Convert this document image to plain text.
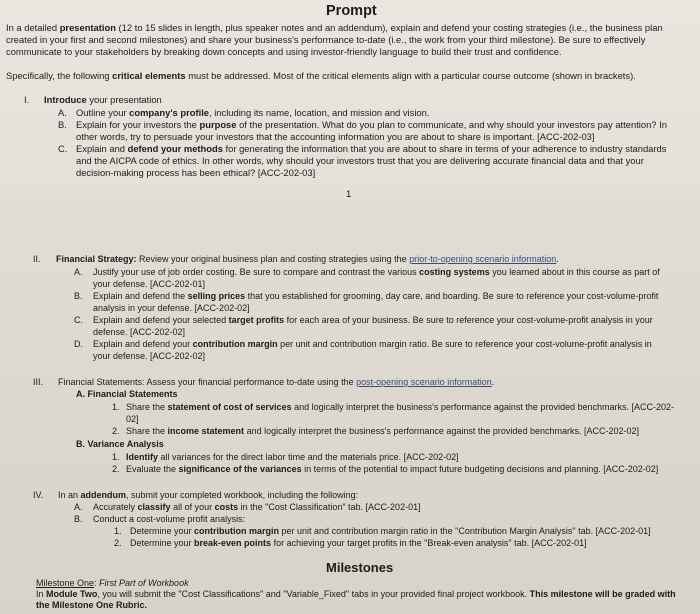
Prompt
In a detailed presentation (12 to 15 slides in length, plus speaker notes and an addendum), explain and defend your costing strategies (i.e., the business plan
created in your first and second milestones) and share your business's performance to-date (i.e., the work from your third milestone). Be sure to effectively
communicate to your stakeholders by breaking down concepts and using investor-friendly language to build their trust and confidence.
Specifically, the following critical elements must be addressed. Most of the critical elements align with a particular course outcome (shown in brackets).
I. Introduce your presentation
A. Outline your company's profile, including its name, location, and mission and vision.
B. Explain for your investors the purpose of the presentation. What do you plan to communicate, and why should your investors pay attention? In
other words, try to persuade your investors that the accounting information you are about to share is important. [ACC-202-03]
C. Explain and defend your methods for generating the information that you are about to share in terms of your adherence to industry standards
and the AICPA code of ethics. In other words, why should your investors trust that you are delivering accurate financial data and that your
decision-making process has been ethical? [ACC-202-03]
1
II. Financial Strategy: Review your original business plan and costing strategies using the prior-to-opening scenario information.
A. Justify your use of job order costing. Be sure to compare and contrast the various costing systems you learned about in this course as part of
your defense. [ACC-202-01]
B. Explain and defend the selling prices that you established for grooming, day care, and boarding. Be sure to reference your cost-volume-profit
analysis in your defense. [ACC-202-02]
C. Explain and defend your selected target profits for each area of your business. Be sure to reference your cost-volume-profit analysis in your
defense. [ACC-202-02]
D. Explain and defend your contribution margin per unit and contribution margin ratio. Be sure to reference your cost-volume-profit analysis in
your defense. [ACC-202-02]
III. Financial Statements: Assess your financial performance to-date using the post-opening scenario information.
A. Financial Statements
1. Share the statement of cost of services and logically interpret the business's performance against the provided benchmarks. [ACC-202-
02]
2. Share the income statement and logically interpret the business's performance against the provided benchmarks. [ACC-202-02]
B. Variance Analysis
1. Identify all variances for the direct labor time and the materials price. [ACC-202-02]
2. Evaluate the significance of the variances in terms of the potential to impact future budgeting decisions and planning. [ACC-202-02]
IV. In an addendum, submit your completed workbook, including the following:
A. Accurately classify all of your costs in the "Cost Classification" tab. [ACC-202-01]
B. Conduct a cost-volume profit analysis:
1. Determine your contribution margin per unit and contribution margin ratio in the "Contribution Margin Analysis" tab. [ACC-202-01]
2. Determine your break-even points for achieving your target profits in the "Break-even analysis" tab. [ACC-202-01]
Milestones
Milestone One: First Part of Workbook
In Module Two, you will submit the "Cost Classifications" and "Variable_Fixed" tabs in your provided final project workbook. This milestone will be graded with
the Milestone One Rubric.
